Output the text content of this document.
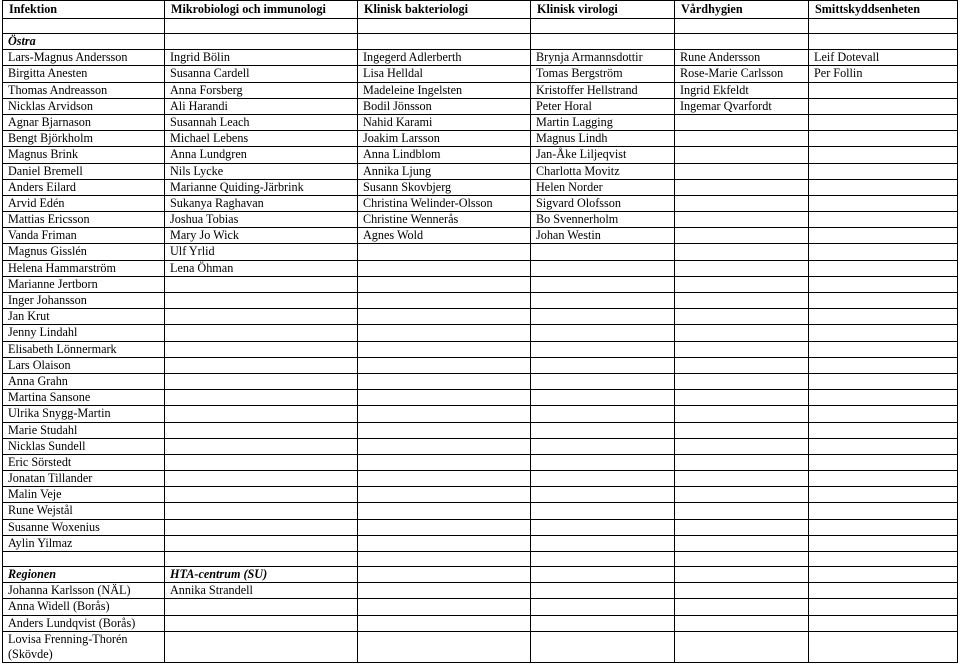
Infektion	Mikrobiologi och immunologi	Klinisk bakteriologi	Klinisk virologi	Vårdhygien	Smittskyddsenheten

Östra					
Lars-Magnus Andersson	Ingrid Bölin	Ingegerd Adlerberth	Brynja Armannsdottir	Rune Andersson	Leif Dotevall
Birgitta Anesten	Susanna Cardell	Lisa Helldal	Tomas Bergström	Rose-Marie Carlsson	Per Follin
Thomas Andreasson	Anna Forsberg	Madeleine Ingelsten	Kristoffer Hellstrand	Ingrid Ekfeldt	
Nicklas Arvidson	Ali Harandi	Bodil Jönsson	Peter Horal	Ingemar Qvarfordt	
Agnar Bjarnason	Susannah Leach	Nahid Karami	Martin Lagging		
Bengt Björkholm	Michael Lebens	Joakim Larsson	Magnus Lindh		
Magnus Brink	Anna Lundgren	Anna Lindblom	Jan-Åke Liljeqvist		
Daniel Bremell	Nils Lycke	Annika Ljung	Charlotta Movitz		
Anders Eilard	Marianne Quiding-Järbrink	Susann Skovbjerg	Helen Norder		
Arvid Edén	Sukanya Raghavan	Christina Welinder-Olsson	Sigvard Olofsson		
Mattias Ericsson	Joshua Tobias	Christine Wennerås	Bo Svennerholm		
Vanda Friman	Mary Jo Wick	Agnes Wold	Johan Westin		
Magnus Gisslén	Ulf Yrlid				
Helena Hammarström	Lena Öhman				
Marianne Jertborn					
Inger Johansson					
Jan Krut					
Jenny Lindahl					
Elisabeth Lönnermark					
Lars Olaison					
Anna Grahn					
Martina Sansone					
Ulrika Snygg-Martin					
Marie Studahl					
Nicklas Sundell					
Eric Sörstedt					
Jonatan Tillander					
Malin Veje					
Rune Wejstål					
Susanne Woxenius					
Aylin Yilmaz					

Regionen	HTA-centrum (SU)				
Johanna Karlsson (NÄL)	Annika Strandell				
Anna Widell (Borås)					
Anders Lundqvist (Borås)					
Lovisa Frenning-Thorén (Skövde)					
